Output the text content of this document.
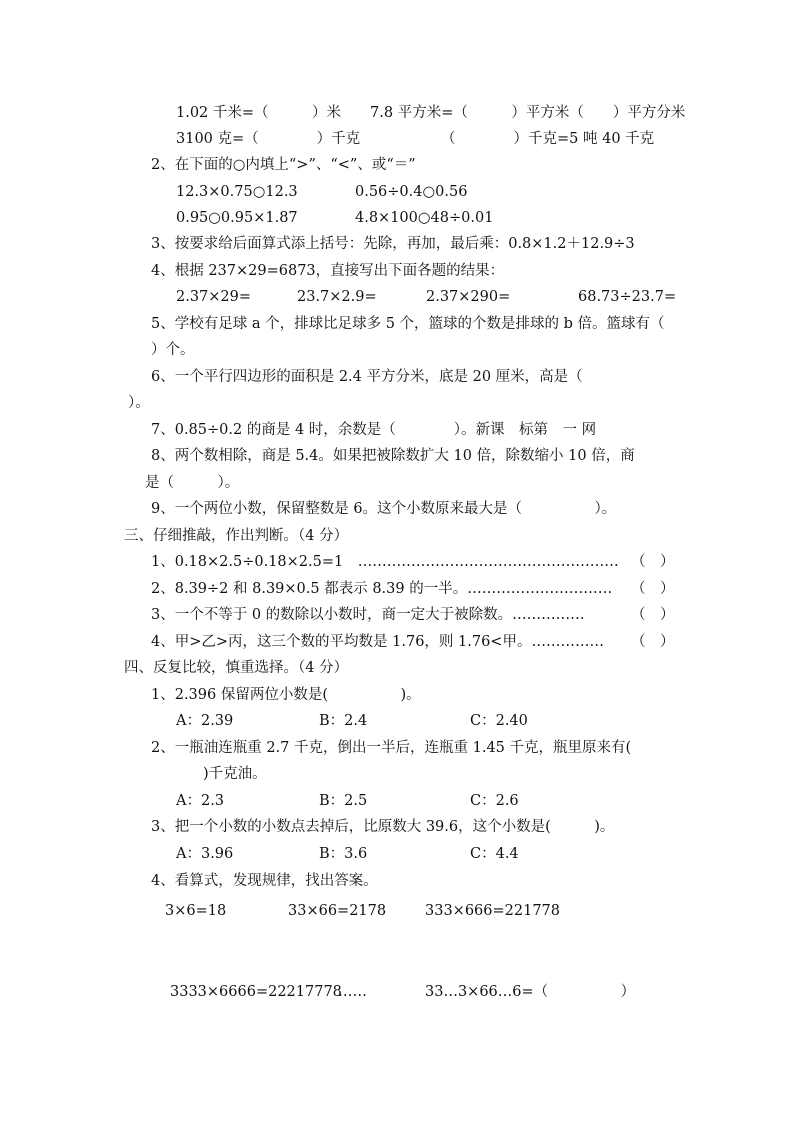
1.02 千米=（　　　）米　　7.8 平方米=（　　　）平方米（　　）平方分米
3100 克=（　　　　）千克	（　　　　）千克=5 吨 40 千克
2、在下面的○内填上“>”、“<”、或“＝”
12.3×0.75○12.3	0.56÷0.4○0.56
0.95○0.95×1.87	4.8×100○48÷0.01
3、按要求给后面算式添上括号：先除，再加，最后乘：0.8×1.2＋12.9÷3
4、根据 237×29=6873，直接写出下面各题的结果：
2.37×29=	23.7×2.9=	2.37×290=	68.73÷23.7=
5、学校有足球 a 个，排球比足球多 5 个，篮球的个数是排球的 b 倍。篮球有（
）个。
6、一个平行四边形的面积是 2.4 平方分米，底是 20 厘米，高是（
）。
7、0.85÷0.2 的商是 4 时，余数是（　　　　）。新课　标第　一 网
8、两个数相除，商是 5.4。如果把被除数扩大 10 倍，除数缩小 10 倍，商
是（　　　）。
9、一个两位小数，保留整数是 6。这个小数原来最大是（　　　　　）。
三、仔细推敲，作出判断。（4 分）
1、0.18×2.5÷0.18×2.5=1　……………………………………………… （　）
2、8.39÷2 和 8.39×0.5 都表示 8.39 的一半。………………………… （　）
3、一个不等于 0 的数除以小数时，商一定大于被除数。……………	（　）
4、甲>乙>丙，这三个数的平均数是 1.76，则 1.76<甲。…………… （　）
四、反复比较，慎重选择。（4 分）
1、2.396 保留两位小数是(　　　　　)。
A：2.39	B：2.4	C：2.40
2、一瓶油连瓶重 2.7 千克，倒出一半后，连瓶重 1.45 千克，瓶里原来有(
)千克油。
A：2.3	B：2.5	C：2.6
3、把一个小数的小数点去掉后，比原数大 39.6，这个小数是(　　　)。
A：3.96	B：3.6	C：4.4
4、看算式，发现规律，找出答案。
3×6=18	33×66=2178	333×666=221778
3333×6666=22217778
……	33…3×66…6=（　　　　　）
